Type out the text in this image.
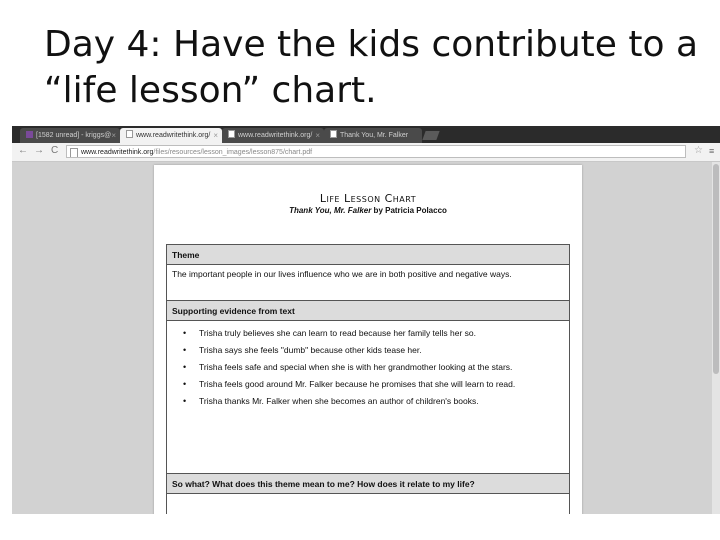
Day 4: Have the kids contribute to a
“life lesson” chart.
[1582 unread] - kriggs@ ×	www.readwritethink.org/ ×	www.readwritethink.org/ ×	Thank You, Mr. Falker
← → C	www.readwritethink.org/files/resources/lesson_images/lesson875/chart.pdf	☆ ≡
Life Lesson Chart
Thank You, Mr. Falker by Patricia Polacco
Theme
The important people in our lives influence who we are in both positive and negative ways.
Supporting evidence from text
• Trisha truly believes she can learn to read because her family tells her so.
• Trisha says she feels "dumb" because other kids tease her.
• Trisha feels safe and special when she is with her grandmother looking at the stars.
• Trisha feels good around Mr. Falker because he promises that she will learn to read.
• Trisha thanks Mr. Falker when she becomes an author of children's books.
So what? What does this theme mean to me? How does it relate to my life?
